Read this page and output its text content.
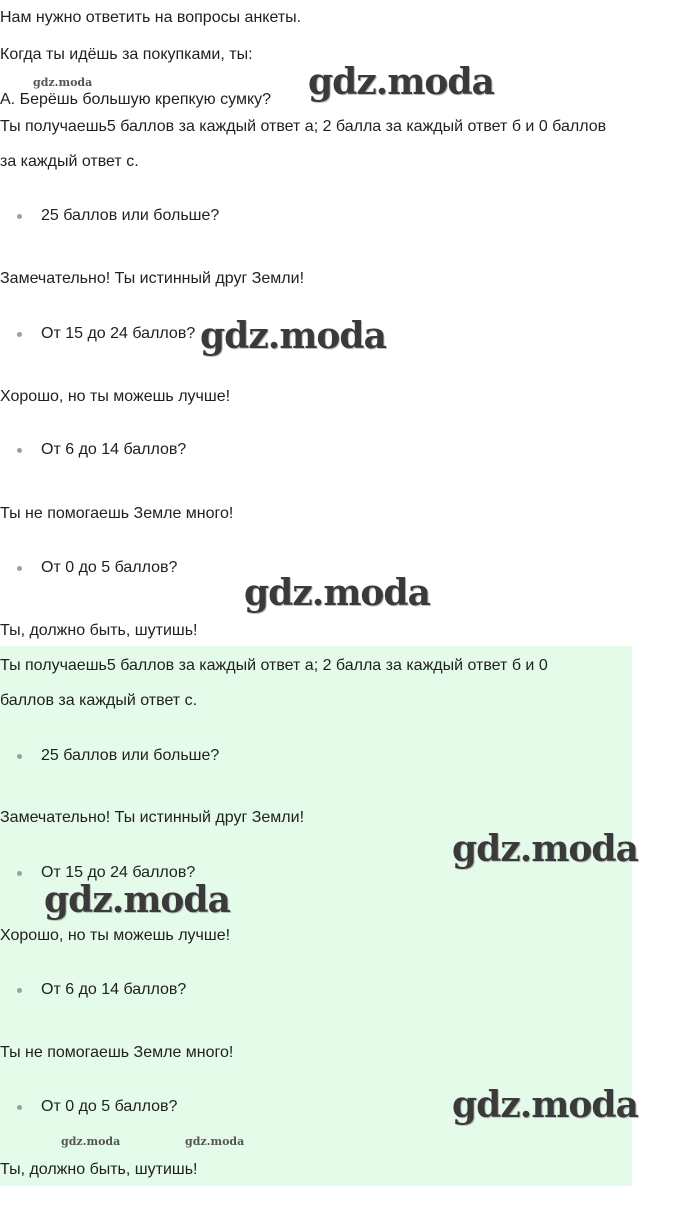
Нам нужно ответить на вопросы анкеты.
Когда ты идёшь за покупками, ты:
А. Берёшь большую крепкую сумку?
Ты получаешь5 баллов за каждый ответ а; 2 балла за каждый ответ б и 0 баллов
за каждый ответ с.
25 баллов или больше?
Замечательно! Ты истинный друг Земли!
От 15 до 24 баллов?
Хорошо, но ты можешь лучше!
От 6 до 14 баллов?
Ты не помогаешь Земле много!
От 0 до 5 баллов?
Ты, должно быть, шутишь!
Ты получаешь5 баллов за каждый ответ а; 2 балла за каждый ответ б и 0
баллов за каждый ответ с.
25 баллов или больше?
Замечательно! Ты истинный друг Земли!
От 15 до 24 баллов?
Хорошо, но ты можешь лучше!
От 6 до 14 баллов?
Ты не помогаешь Земле много!
От 0 до 5 баллов?
Ты, должно быть, шутишь!
gdz.moda	gdz.moda
gdz.moda
gdz.moda
gdz.moda
gdz.moda
gdz.moda
gdz.moda	gdz.moda
